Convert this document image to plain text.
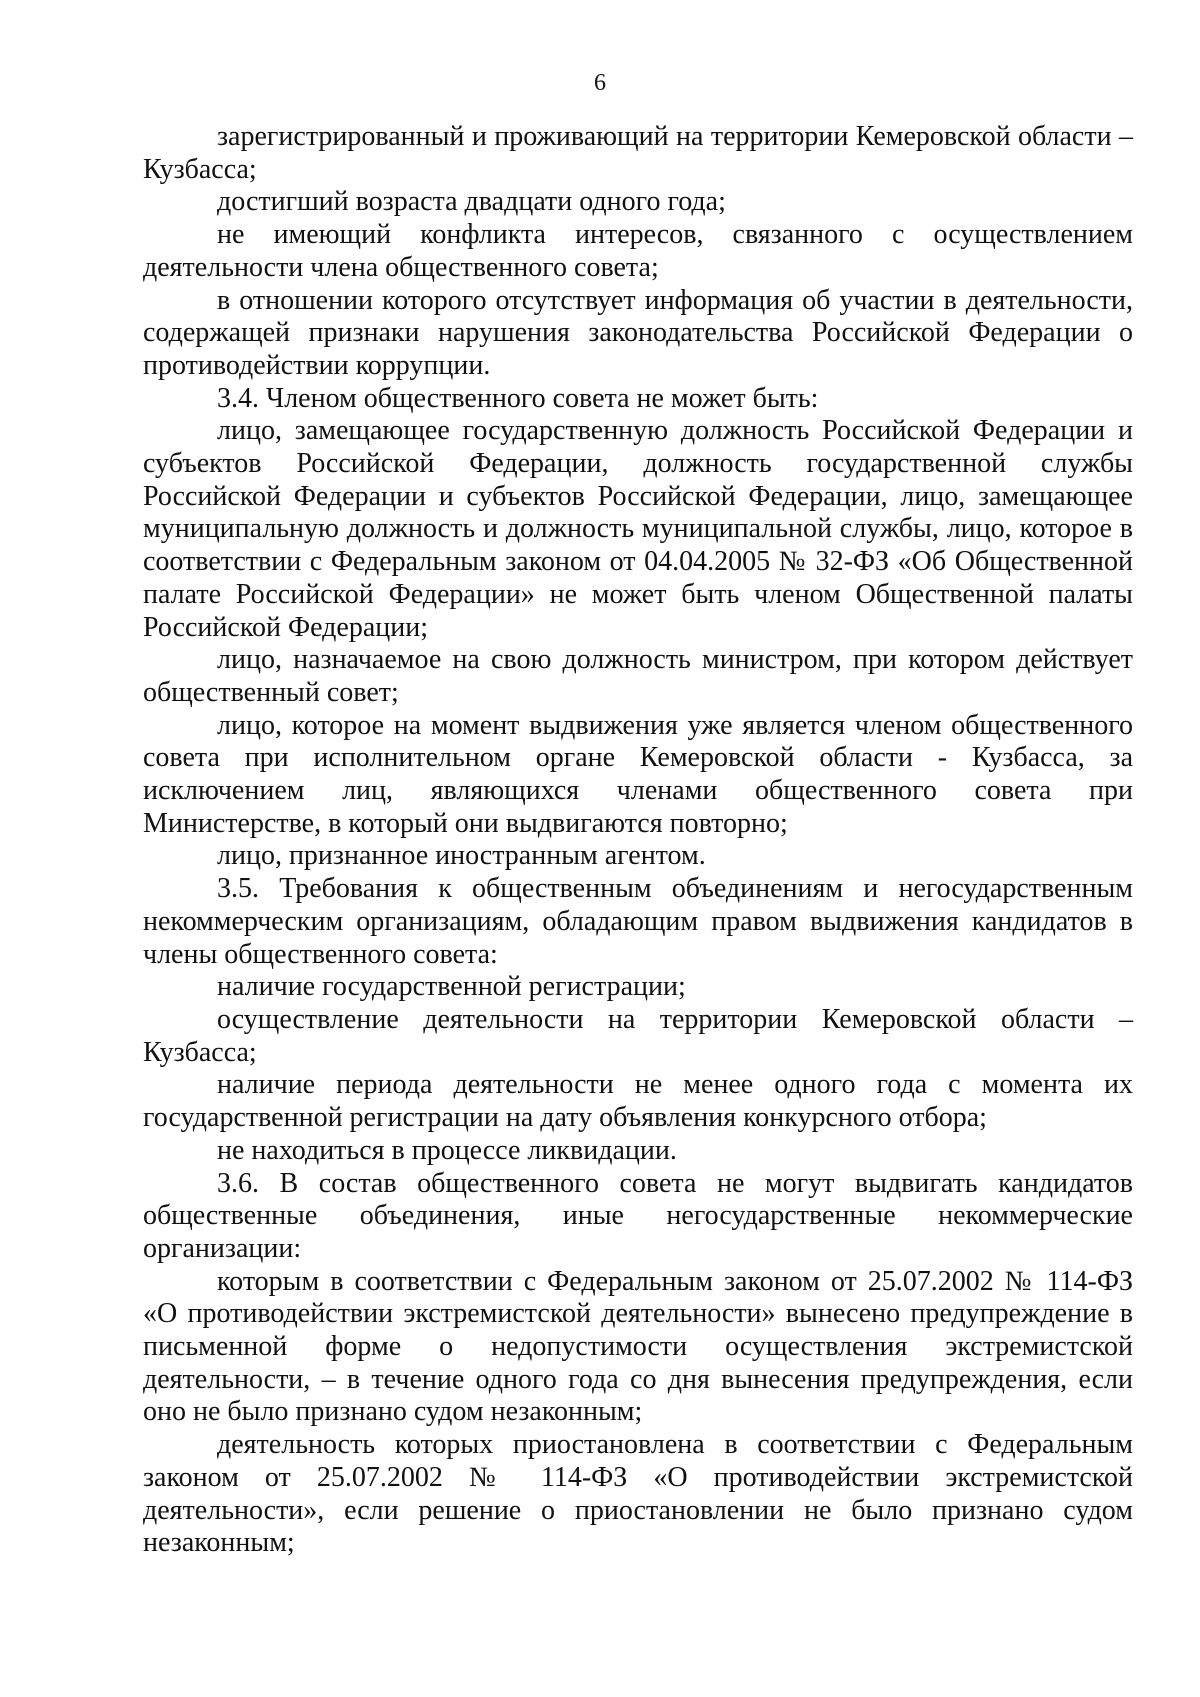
6

зарегистрированный и проживающий на территории Кемеровской области – Кузбасса;

достигший возраста двадцати одного года;

не имеющий конфликта интересов, связанного с осуществлением деятельности члена общественного совета;

в отношении которого отсутствует информация об участии в деятельности, содержащей признаки нарушения законодательства Российской Федерации о противодействии коррупции.

3.4. Членом общественного совета не может быть:

лицо, замещающее государственную должность Российской Федерации и субъектов Российской Федерации, должность государственной службы Российской Федерации и субъектов Российской Федерации, лицо, замещающее муниципальную должность и должность муниципальной службы, лицо, которое в соответствии с Федеральным законом от 04.04.2005 № 32-ФЗ «Об Общественной палате Российской Федерации» не может быть членом Общественной палаты Российской Федерации;

лицо, назначаемое на свою должность министром, при котором действует общественный совет;

лицо, которое на момент выдвижения уже является членом общественного совета при исполнительном органе Кемеровской области - Кузбасса, за исключением лиц, являющихся членами общественного совета при Министерстве, в который они выдвигаются повторно;

лицо, признанное иностранным агентом.

3.5. Требования к общественным объединениям и негосударственным некоммерческим организациям, обладающим правом выдвижения кандидатов в члены общественного совета:

наличие государственной регистрации;

осуществление деятельности на территории Кемеровской области – Кузбасса;

наличие периода деятельности не менее одного года с момента их государственной регистрации на дату объявления конкурсного отбора;

не находиться в процессе ликвидации.

3.6. В состав общественного совета не могут выдвигать кандидатов общественные объединения, иные негосударственные некоммерческие организации:

которым в соответствии с Федеральным законом от 25.07.2002 № 114-ФЗ «О противодействии экстремистской деятельности» вынесено предупреждение в письменной форме о недопустимости осуществления экстремистской деятельности, – в течение одного года со дня вынесения предупреждения, если оно не было признано судом незаконным;

деятельность которых приостановлена в соответствии с Федеральным законом от 25.07.2002 № 114-ФЗ «О противодействии экстремистской деятельности», если решение о приостановлении не было признано судом незаконным;
